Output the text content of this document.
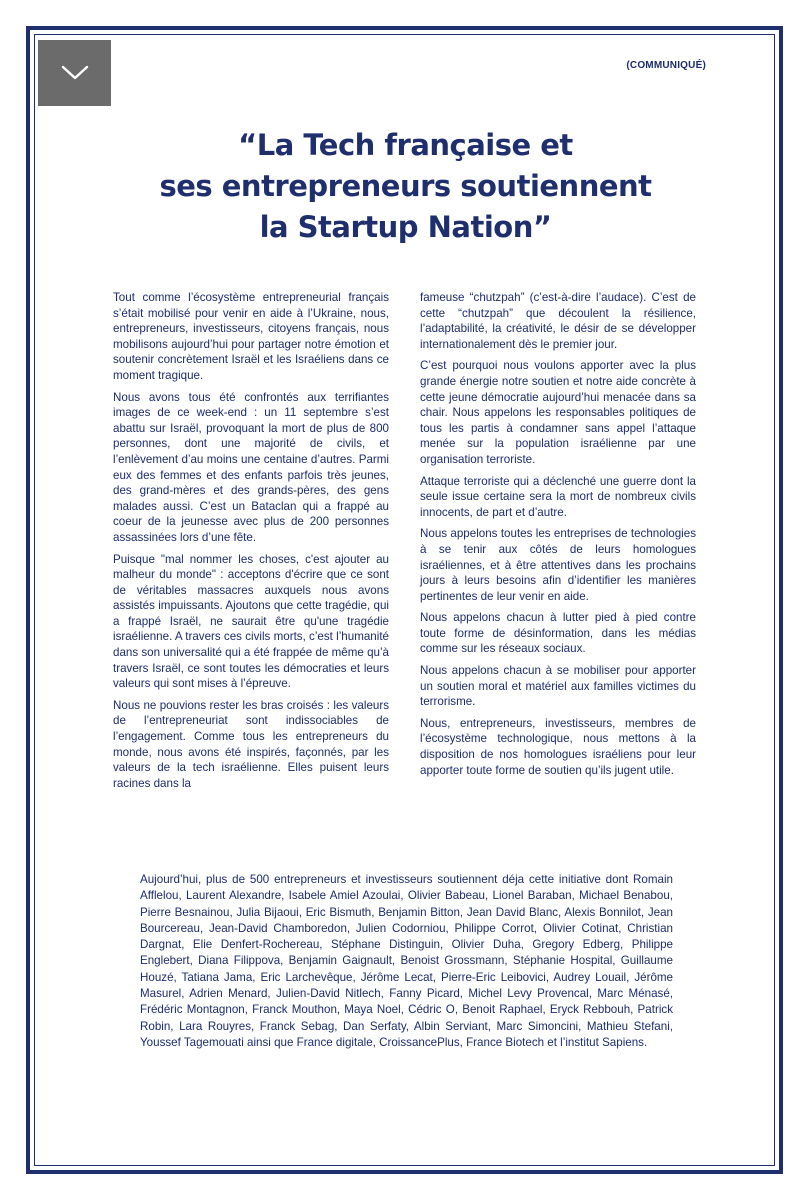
(COMMUNIQUÉ)
“La Tech française et
ses entrepreneurs soutiennent
la Startup Nation”

Tout comme l’écosystème entrepreneurial français s’était mobilisé pour venir en aide à l’Ukraine, nous, entrepreneurs, investisseurs, citoyens français, nous mobilisons aujourd’hui pour partager notre émotion et soutenir concrètement Israël et les Israéliens dans ce moment tragique.

Nous avons tous été confrontés aux terrifiantes images de ce week-end : un 11 septembre s’est abattu sur Israël, provoquant la mort de plus de 800 personnes, dont une majorité de civils, et l’enlèvement d’au moins une centaine d’autres. Parmi eux des femmes et des enfants parfois très jeunes, des grand-mères et des grands-pères, des gens malades aussi. C’est un Bataclan qui a frappé au coeur de la jeunesse avec plus de 200 personnes assassinées lors d’une fête.

Puisque "mal nommer les choses, c'est ajouter au malheur du monde" : acceptons d'écrire que ce sont de véritables massacres auxquels nous avons assistés impuissants. Ajoutons que cette tragédie, qui a frappé Israël, ne saurait être qu'une tragédie israélienne. A travers ces civils morts, c’est l’humanité dans son universalité qui a été frappée de même qu’à travers Israël, ce sont toutes les démocraties et leurs valeurs qui sont mises à l’épreuve.

Nous ne pouvions rester les bras croisés : les valeurs de l’entrepreneuriat sont indissociables de l’engagement. Comme tous les entrepreneurs du monde, nous avons été inspirés, façonnés, par les valeurs de la tech israélienne. Elles puisent leurs racines dans la

fameuse “chutzpah” (c’est-à-dire l’audace). C’est de cette “chutzpah” que découlent la résilience, l’adaptabilité, la créativité, le désir de se développer internationalement dès le premier jour.

C’est pourquoi nous voulons apporter avec la plus grande énergie notre soutien et notre aide concrète à cette jeune démocratie aujourd’hui menacée dans sa chair. Nous appelons les responsables politiques de tous les partis à condamner sans appel l’attaque menée sur la population israélienne par une organisation terroriste.

Attaque terroriste qui a déclenché une guerre dont la seule issue certaine sera la mort de nombreux civils innocents, de part et d’autre.

Nous appelons toutes les entreprises de technologies à se tenir aux côtés de leurs homologues israéliennes, et à être attentives dans les prochains jours à leurs besoins afin d’identifier les manières pertinentes de leur venir en aide.

Nous appelons chacun à lutter pied à pied contre toute forme de désinformation, dans les médias comme sur les réseaux sociaux.

Nous appelons chacun à se mobiliser pour apporter un soutien moral et matériel aux familles victimes du terrorisme.

Nous, entrepreneurs, investisseurs, membres de l’écosystème technologique, nous mettons à la disposition de nos homologues israéliens pour leur apporter toute forme de soutien qu’ils jugent utile.

Aujourd’hui, plus de 500 entrepreneurs et investisseurs soutiennent déja cette initiative dont Romain Afflelou, Laurent Alexandre, Isabele Amiel Azoulai, Olivier Babeau, Lionel Baraban, Michael Benabou, Pierre Besnainou, Julia Bijaoui, Eric Bismuth, Benjamin Bitton, Jean David Blanc, Alexis Bonnilot, Jean Bourcereau, Jean-David Chamboredon, Julien Codorniou, Philippe Corrot, Olivier Cotinat, Christian Dargnat, Elie Denfert-Rochereau, Stéphane Distinguin, Olivier Duha, Gregory Edberg, Philippe Englebert, Diana Filippova, Benjamin Gaignault, Benoist Grossmann, Stéphanie Hospital, Guillaume Houzé, Tatiana Jama, Eric Larchevêque, Jérôme Lecat, Pierre-Eric Leibovici, Audrey Louail, Jérôme Masurel, Adrien Menard, Julien-David Nitlech, Fanny Picard, Michel Levy Provencal, Marc Ménasé, Frédéric Montagnon, Franck Mouthon, Maya Noel, Cédric O, Benoit Raphael, Eryck Rebbouh, Patrick Robin, Lara Rouyres, Franck Sebag, Dan Serfaty, Albin Serviant, Marc Simoncini, Mathieu Stefani, Youssef Tagemouati ainsi que France digitale, CroissancePlus, France Biotech et l’institut Sapiens.
